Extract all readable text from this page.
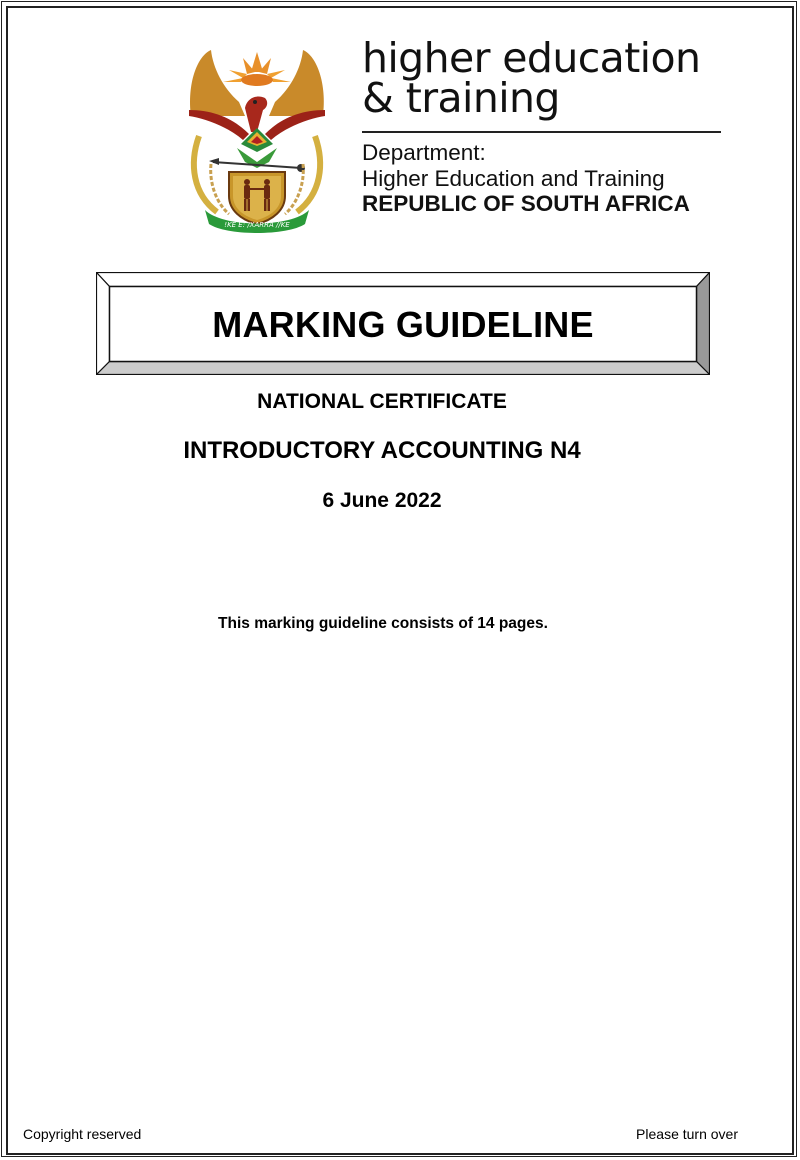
!KE E: /XARRA //KE
higher education
& training
Department:
Higher Education and Training
REPUBLIC OF SOUTH AFRICA
MARKING GUIDELINE
NATIONAL CERTIFICATE
INTRODUCTORY ACCOUNTING N4
6 June 2022
This marking guideline consists of 14 pages.
Copyright reserved	Please turn over
